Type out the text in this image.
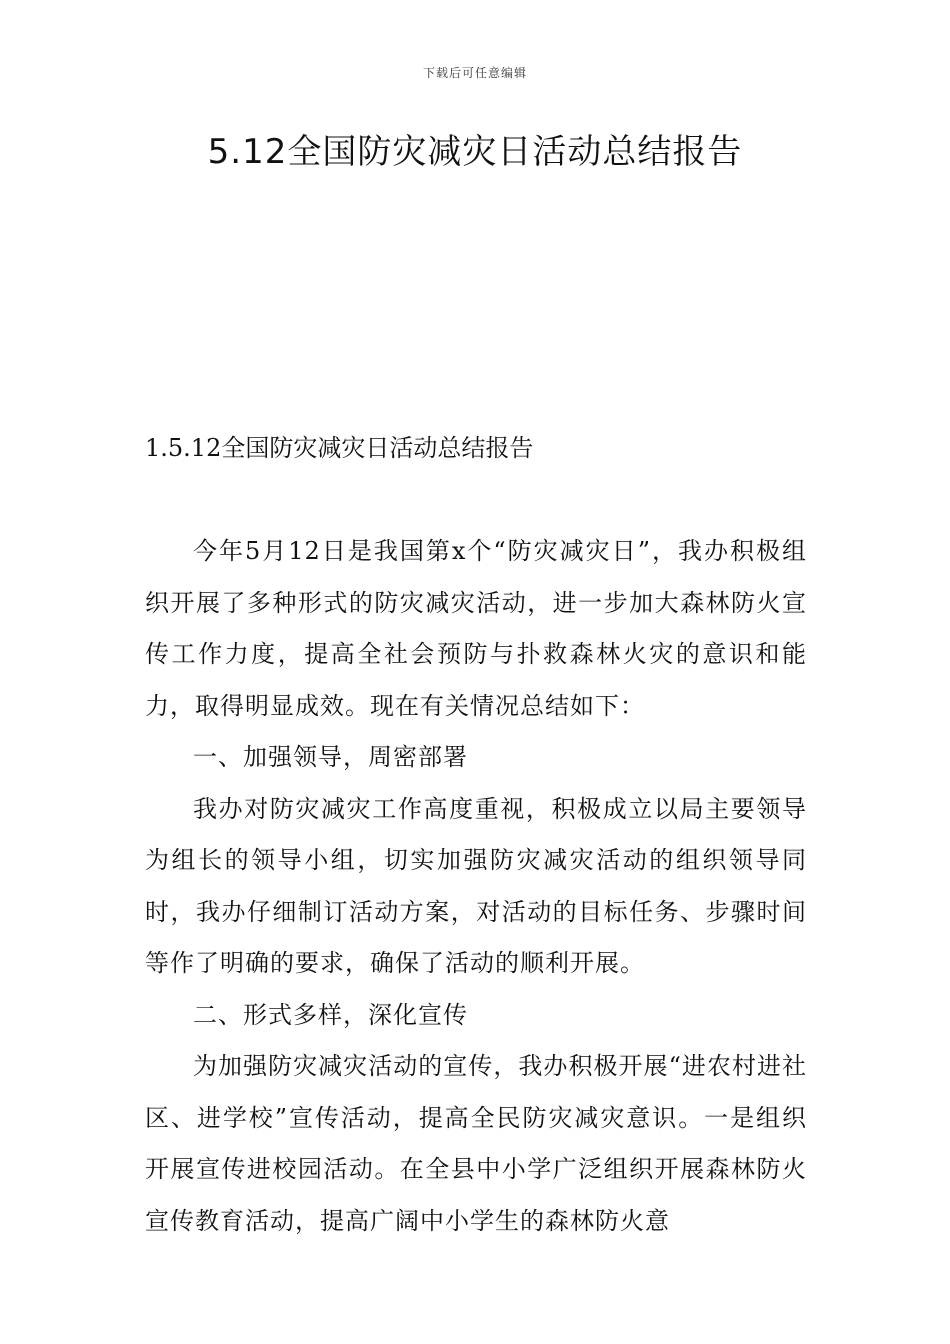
下载后可任意编辑
5.12全国防灾减灾日活动总结报告
1.5.12全国防灾减灾日活动总结报告

今年5月12日是我国第x个“防灾减灾日”，我办积极组织开展了多种形式的防灾减灾活动，进一步加大森林防火宣传工作力度，提高全社会预防与扑救森林火灾的意识和能力，取得明显成效。现在有关情况总结如下：

一、加强领导，周密部署

我办对防灾减灾工作高度重视，积极成立以局主要领导为组长的领导小组，切实加强防灾减灾活动的组织领导同时，我办仔细制订活动方案，对活动的目标任务、步骤时间等作了明确的要求，确保了活动的顺利开展。

二、形式多样，深化宣传

为加强防灾减灾活动的宣传，我办积极开展“进农村进社区、进学校”宣传活动，提高全民防灾减灾意识。一是组织开展宣传进校园活动。在全县中小学广泛组织开展森林防火宣传教育活动，提高广阔中小学生的森林防火意
